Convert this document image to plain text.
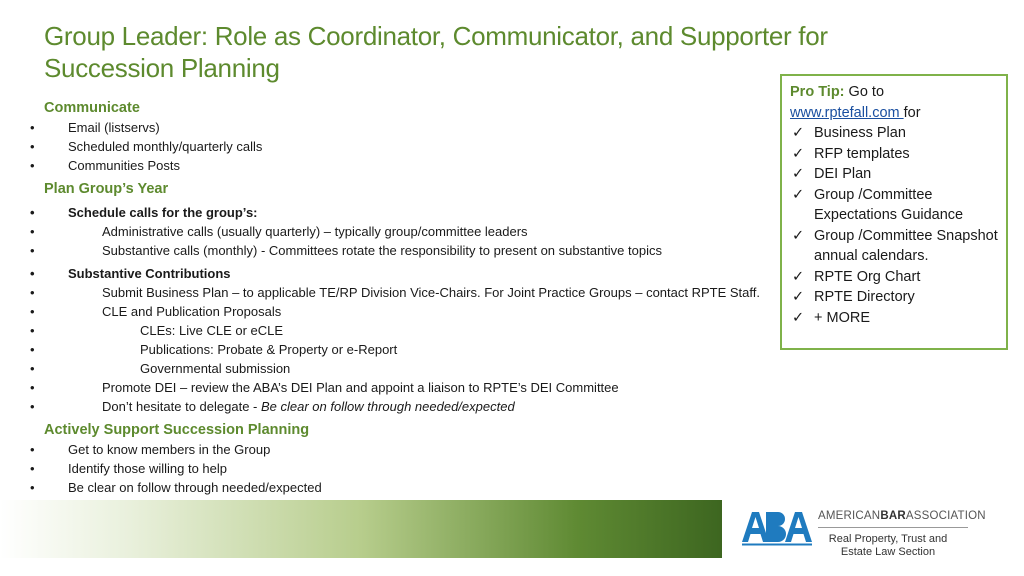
Group Leader: Role as Coordinator, Communicator, and Supporter for Succession Planning

Communicate

• Email (listservs)
• Scheduled monthly/quarterly calls
• Communities Posts

Plan Group’s Year

• Schedule calls for the group’s:
• Administrative calls (usually quarterly) – typically group/committee leaders
• Substantive calls (monthly) - Committees rotate the responsibility to present on substantive topics
• Substantive Contributions
• Submit Business Plan – to applicable TE/RP Division Vice-Chairs. For Joint Practice Groups – contact RPTE Staff.
• CLE and Publication Proposals
• CLEs: Live CLE or eCLE
• Publications: Probate & Property or e-Report
• Governmental submission
• Promote DEI – review the ABA’s DEI Plan and appoint a liaison to RPTE’s DEI Committee
• Don’t hesitate to delegate - Be clear on follow through needed/expected

Actively Support Succession Planning

• Get to know members in the Group
• Identify those willing to help
• Be clear on follow through needed/expected
Pro Tip: Go to
www.rptefall.com for
✓ Business Plan
✓ RFP templates
✓ DEI Plan
✓ Group /Committee Expectations Guidance
✓ Group /Committee Snapshot annual calendars.
✓ RPTE Org Chart
✓ RPTE Directory
✓ + MORE
AMERICANBARASSOCIATION
Real Property, Trust and
Estate Law Section
